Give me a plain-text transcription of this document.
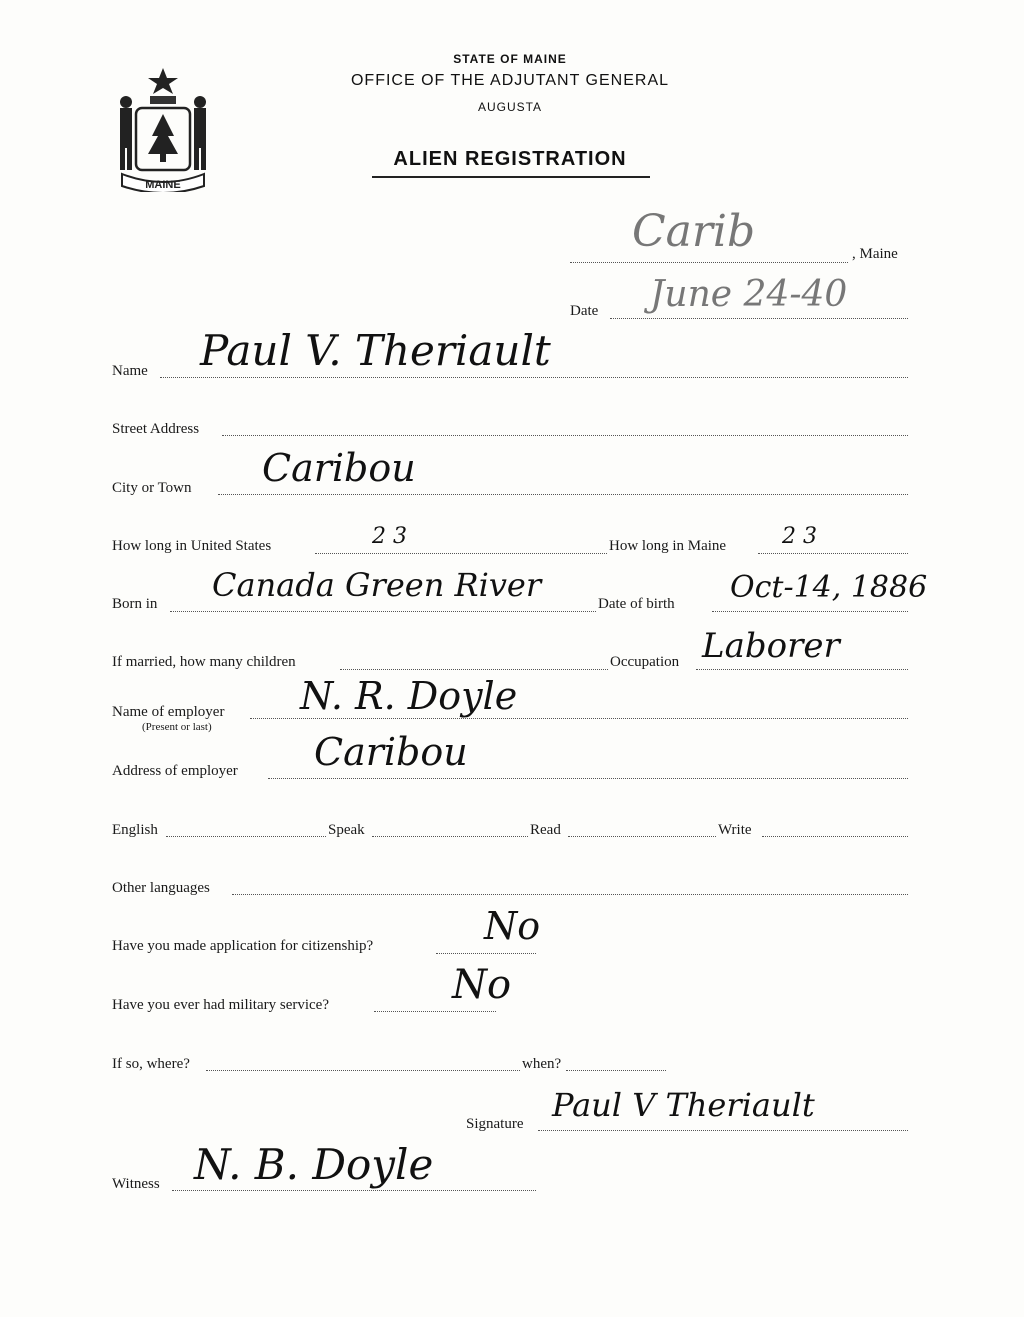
MAINE
STATE OF MAINE
OFFICE OF THE ADJUTANT GENERAL
AUGUSTA
ALIEN REGISTRATION
Carib	, Maine
Date June 24-40
Name Paul V. Theriault
Street Address
City or Town Caribou
How long in United States	2 3	How long in Maine	2 3
Born in Canada Green River	Date of birth Oct-14, 1886
If married, how many children	Occupation Laborer
Name of employer
(Present or last)
N. R. Doyle
Address of employer Caribou
English	Speak	Read	Write
Other languages
Have you made application for citizenship?	No
Have you ever had military service?	No
If so, where?	when?
Signature Paul V Theriault
Witness N. B. Doyle
